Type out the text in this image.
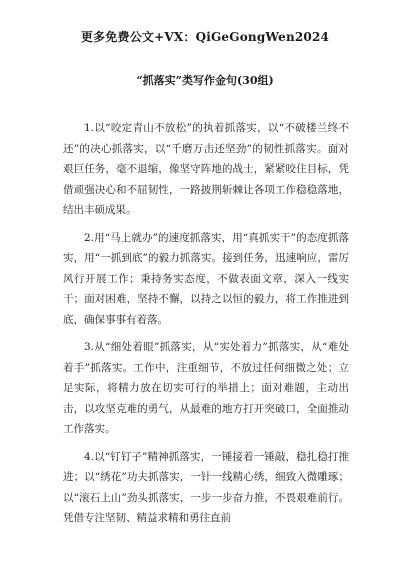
更多免费公文+VX：QiGeGongWen2024
“抓落实”类写作金句(30组)

1.以“咬定青山不放松”的执着抓落实，以“不破楼兰终不还”的决心抓落实，以“千磨万击还坚劲”的韧性抓落实。面对艰巨任务，毫不退缩，像坚守阵地的战士，紧紧咬住目标，凭借顽强决心和不屈韧性，一路披荆斩棘让各项工作稳稳落地，结出丰硕成果。

2.用“马上就办”的速度抓落实，用“真抓实干”的态度抓落实，用“一抓到底”的毅力抓落实。接到任务，迅速响应，雷厉风行开展工作；秉持务实态度，不做表面文章，深入一线实干；面对困难，坚持不懈，以持之以恒的毅力，将工作推进到底，确保事事有着落。

3.从“细处着眼”抓落实，从“实处着力”抓落实，从“难处着手”抓落实。工作中，注重细节，不放过任何细微之处；立足实际，将精力放在切实可行的举措上；面对难题，主动出击，以攻坚克难的勇气，从最难的地方打开突破口，全面推动工作落实。

4.以“钉钉子”精神抓落实，一锤接着一锤敲，稳扎稳打推进；以“绣花”功夫抓落实，一针一线精心绣，细致入微雕琢；以“滚石上山”劲头抓落实，一步一步奋力推，不畏艰难前行。凭借专注坚韧、精益求精和勇往直前
